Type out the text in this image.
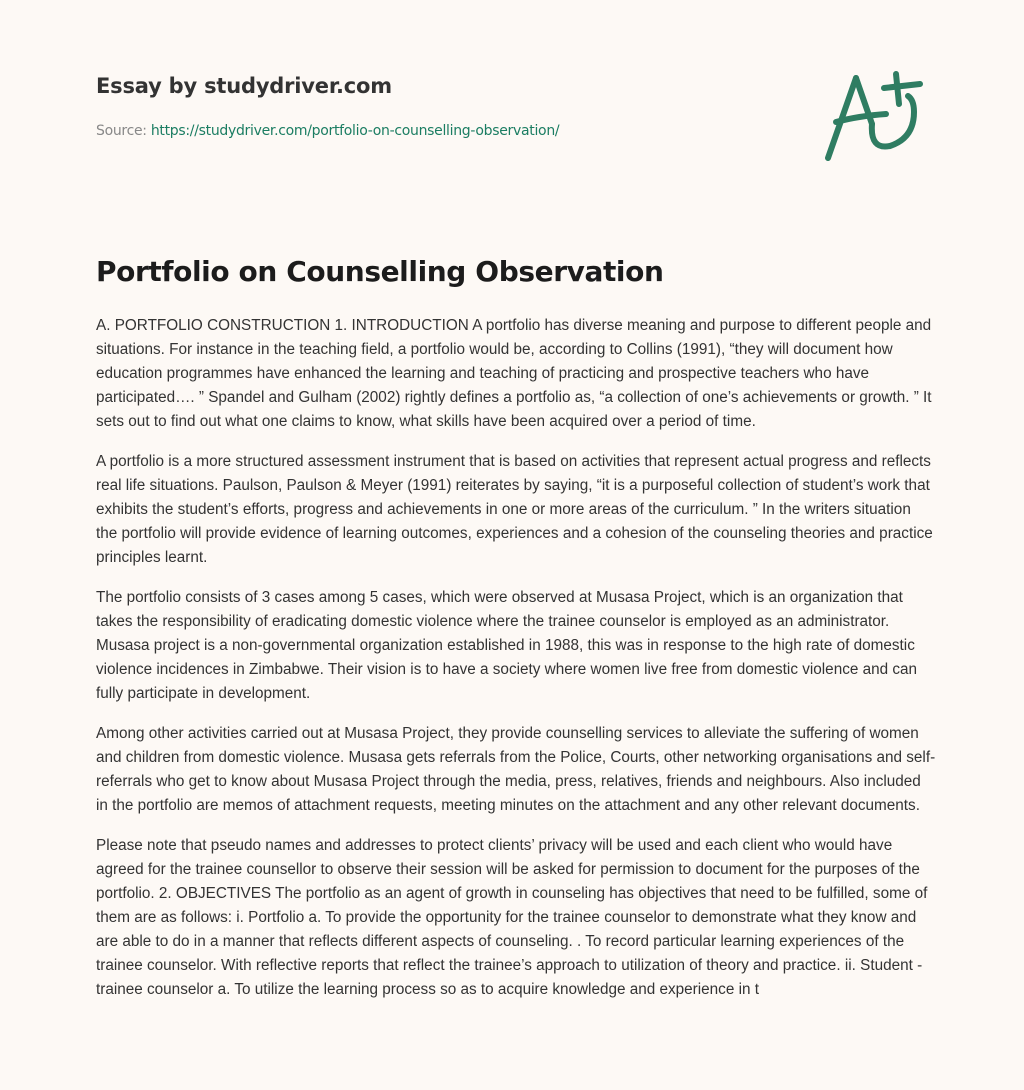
Essay by studydriver.com
Source: https://studydriver.com/portfolio-on-counselling-observation/
Portfolio on Counselling Observation

A. PORTFOLIO CONSTRUCTION 1. INTRODUCTION A portfolio has diverse meaning and purpose to different people and situations. For instance in the teaching field, a portfolio would be, according to Collins (1991), “they will document how education programmes have enhanced the learning and teaching of practicing and prospective teachers who have participated…. ” Spandel and Gulham (2002) rightly defines a portfolio as, “a collection of one’s achievements or growth. ” It sets out to find out what one claims to know, what skills have been acquired over a period of time.

A portfolio is a more structured assessment instrument that is based on activities that represent actual progress and reflects real life situations. Paulson, Paulson & Meyer (1991) reiterates by saying, “it is a purposeful collection of student’s work that exhibits the student’s efforts, progress and achievements in one or more areas of the curriculum. ” In the writers situation the portfolio will provide evidence of learning outcomes, experiences and a cohesion of the counseling theories and practice principles learnt.

The portfolio consists of 3 cases among 5 cases, which were observed at Musasa Project, which is an organization that takes the responsibility of eradicating domestic violence where the trainee counselor is employed as an administrator. Musasa project is a non-governmental organization established in 1988, this was in response to the high rate of domestic violence incidences in Zimbabwe. Their vision is to have a society where women live free from domestic violence and can fully participate in development.

Among other activities carried out at Musasa Project, they provide counselling services to alleviate the suffering of women and children from domestic violence. Musasa gets referrals from the Police, Courts, other networking organisations and self-referrals who get to know about Musasa Project through the media, press, relatives, friends and neighbours. Also included in the portfolio are memos of attachment requests, meeting minutes on the attachment and any other relevant documents.

Please note that pseudo names and addresses to protect clients’ privacy will be used and each client who would have agreed for the trainee counsellor to observe their session will be asked for permission to document for the purposes of the portfolio. 2. OBJECTIVES The portfolio as an agent of growth in counseling has objectives that need to be fulfilled, some of them are as follows: i. Portfolio a. To provide the opportunity for the trainee counselor to demonstrate what they know and are able to do in a manner that reflects different aspects of counseling. . To record particular learning experiences of the trainee counselor. With reflective reports that reflect the trainee’s approach to utilization of theory and practice. ii. Student - trainee counselor a. To utilize the learning process so as to acquire knowledge and experience in t
